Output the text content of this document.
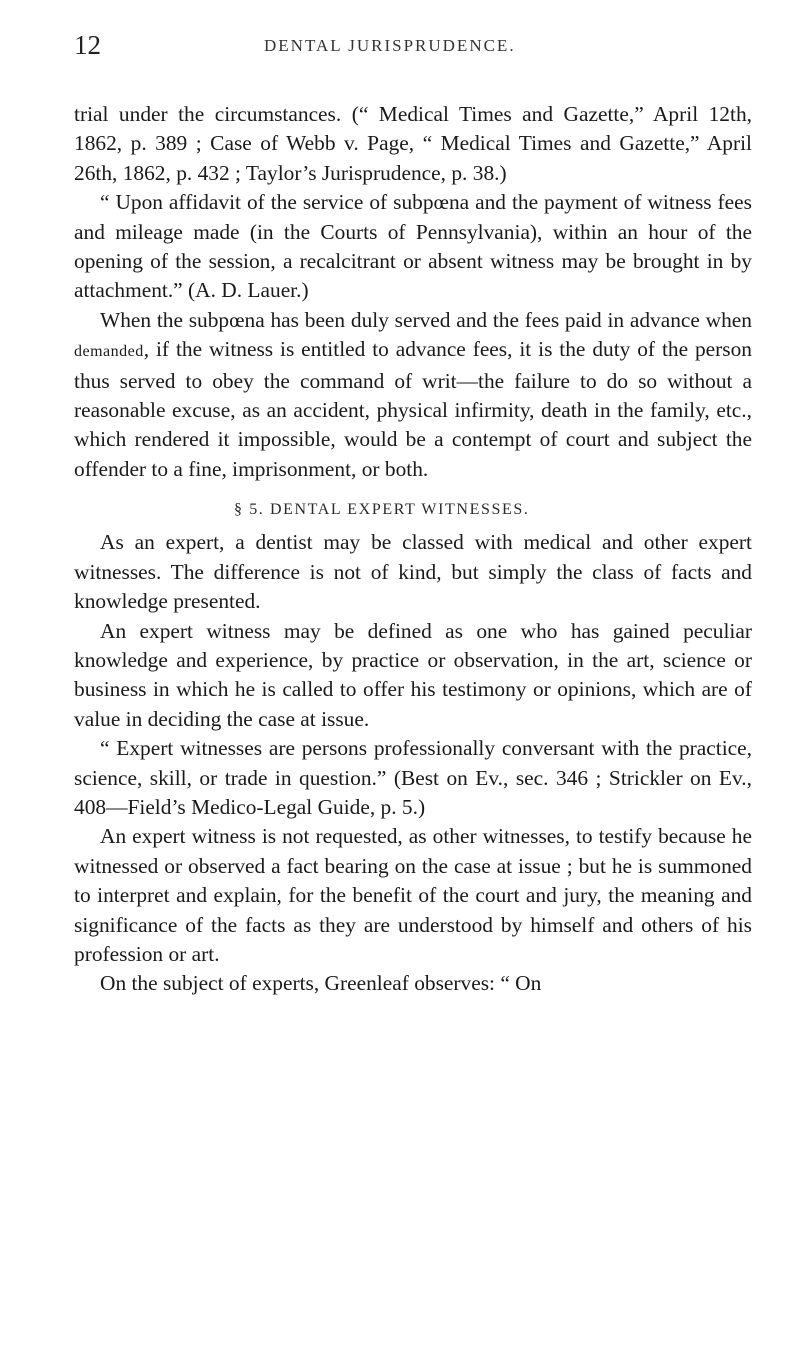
12	DENTAL JURISPRUDENCE.

trial under the circumstances. (“ Medical Times and Gazette,” April 12th, 1862, p. 389 ; Case of Webb v. Page, “ Medical Times and Gazette,” April 26th, 1862, p. 432 ; Taylor’s Jurisprudence, p. 38.)

“ Upon affidavit of the service of subpœna and the payment of witness fees and mileage made (in the Courts of Pennsylvania), within an hour of the opening of the session, a recalcitrant or absent witness may be brought in by attachment.” (A. D. Lauer.)

When the subpœna has been duly served and the fees paid in advance when demanded, if the witness is entitled to advance fees, it is the duty of the person thus served to obey the command of writ—the failure to do so without a reasonable excuse, as an accident, physical infirmity, death in the family, etc., which rendered it impossible, would be a contempt of court and subject the offender to a fine, imprisonment, or both.

§ 5. DENTAL EXPERT WITNESSES.

As an expert, a dentist may be classed with medical and other expert witnesses. The difference is not of kind, but simply the class of facts and knowledge presented.

An expert witness may be defined as one who has gained peculiar knowledge and experience, by practice or observation, in the art, science or business in which he is called to offer his testimony or opinions, which are of value in deciding the case at issue.

“ Expert witnesses are persons professionally conversant with the practice, science, skill, or trade in question.” (Best on Ev., sec. 346 ; Strickler on Ev., 408—Field’s Medico-Legal Guide, p. 5.)

An expert witness is not requested, as other witnesses, to testify because he witnessed or observed a fact bearing on the case at issue ; but he is summoned to interpret and explain, for the benefit of the court and jury, the meaning and significance of the facts as they are understood by himself and others of his profession or art.

On the subject of experts, Greenleaf observes: “ On
